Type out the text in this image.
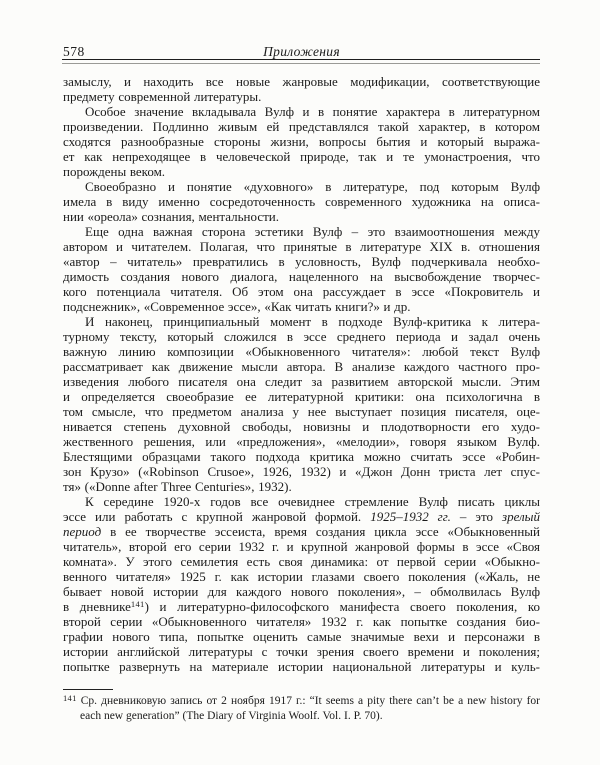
578	Приложения
замыслу, и находить все новые жанровые модификации, соответствующие
предмету современной литературы.
Особое значение вкладывала Вулф и в понятие характера в литературном
произведении. Подлинно живым ей представлялся такой характер, в котором
сходятся разнообразные стороны жизни, вопросы бытия и который выража-
ет как непреходящее в человеческой природе, так и те умонастроения, что
порождены веком.
Своеобразно и понятие «духовного» в литературе, под которым Вулф
имела в виду именно сосредоточенность современного художника на описа-
нии «ореола» сознания, ментальности.
Еще одна важная сторона эстетики Вулф – это взаимоотношения между
автором и читателем. Полагая, что принятые в литературе XIX в. отношения
«автор – читатель» превратились в условность, Вулф подчеркивала необхо-
димость создания нового диалога, нацеленного на высвобождение творчес-
кого потенциала читателя. Об этом она рассуждает в эссе «Покровитель и
подснежник», «Современное эссе», «Как читать книги?» и др.
И наконец, принципиальный момент в подходе Вулф-критика к литера-
турному тексту, который сложился в эссе среднего периода и задал очень
важную линию композиции «Обыкновенного читателя»: любой текст Вулф
рассматривает как движение мысли автора. В анализе каждого частного про-
изведения любого писателя она следит за развитием авторской мысли. Этим
и определяется своеобразие ее литературной критики: она психологична в
том смысле, что предметом анализа у нее выступает позиция писателя, оце-
нивается степень духовной свободы, новизны и плодотворности его худо-
жественного решения, или «предложения», «мелодии», говоря языком Вулф.
Блестящими образцами такого подхода критика можно считать эссе «Робин-
зон Крузо» («Robinson Crusoe», 1926, 1932) и «Джон Донн триста лет спус-
тя» («Donne after Three Centuries», 1932).
К середине 1920-х годов все очевиднее стремление Вулф писать циклы
эссе или работать с крупной жанровой формой. 1925–1932 гг. – это зрелый
период в ее творчестве эссеиста, время создания цикла эссе «Обыкновенный
читатель», второй его серии 1932 г. и крупной жанровой формы в эссе «Своя
комната». У этого семилетия есть своя динамика: от первой серии «Обыкно-
венного читателя» 1925 г. как истории глазами своего поколения («Жаль, не
бывает новой истории для каждого нового поколения», – обмолвилась Вулф
в дневнике$^{141}$) и литературно-философского манифеста своего поколения, ко
второй серии «Обыкновенного читателя» 1932 г. как попытке создания био-
графии нового типа, попытке оценить самые значимые вехи и персонажи в
истории английской литературы с точки зрения своего времени и поколения;
попытке развернуть на материале истории национальной литературы и куль-
$^{141}$ Ср. дневниковую запись от 2 ноября 1917 г.: “It seems a pity there can’t be a new history for
each new generation” (The Diary of Virginia Woolf. Vol. I. P. 70).
